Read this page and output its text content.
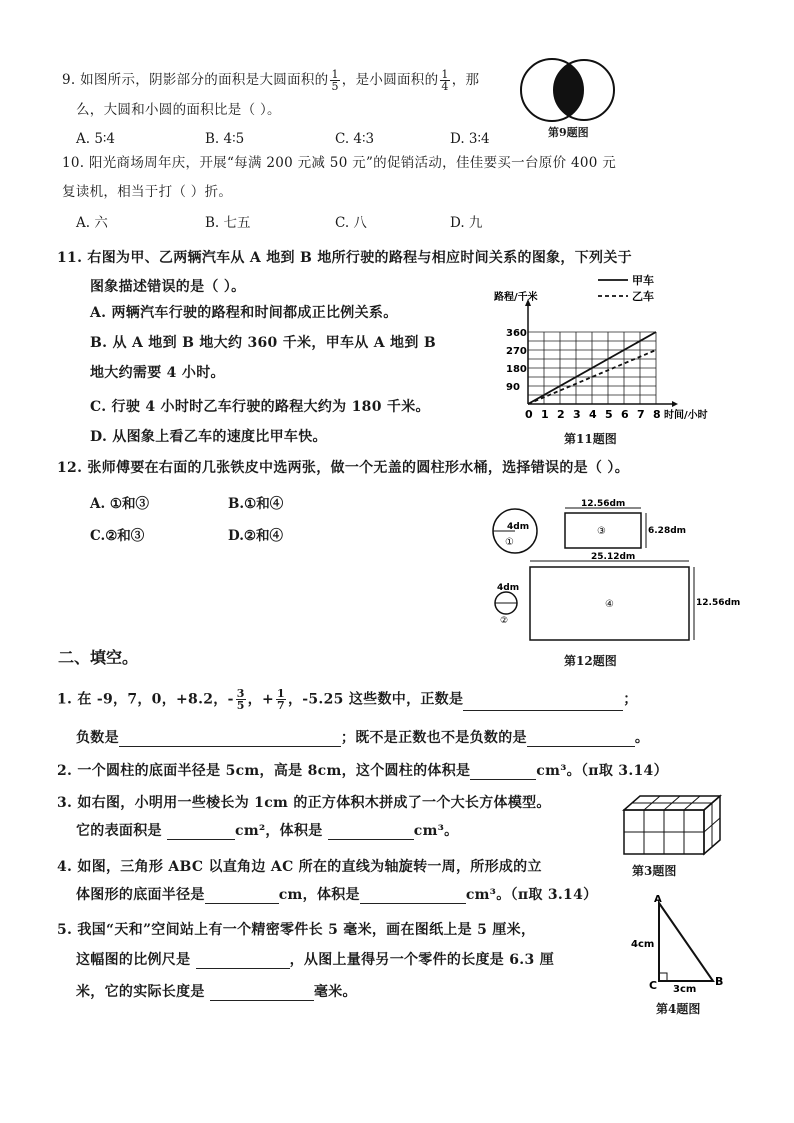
9. 如图所示，阴影部分的面积是大圆面积的 $\frac{1}{5}$ ，是小圆面积的 $\frac{1}{4}$ ，那
么，大圆和小圆的面积比是（ ）。
A. 5∶4	B. 4∶5	C. 4∶3	D. 3∶4	第9题图
10. 阳光商场周年庆，开展“每满 200 元减 50 元”的促销活动，佳佳要买一台原价 400 元
复读机，相当于打（ ）折。
A. 六	B. 七五	C. 八	D. 九
11. 右图为甲、乙两辆汽车从 A 地到 B 地所行驶的路程与相应时间关系的图象，下列关于
图象描述错误的是（ ）。
A. 两辆汽车行驶的路程和时间都成正比例关系。
B. 从 A 地到 B 地大约 360 千米，甲车从 A 地到 B
地大约需要 4 小时。
C. 行驶 4 小时时乙车行驶的路程大约为 180 千米。
D. 从图象上看乙车的速度比甲车快。
0 1 2 3 4 5 6 7 8
90
180
270
360
路程/千米
时间/小时
甲车
乙车
第11题图
12. 张师傅要在右面的几张铁皮中选两张，做一个无盖的圆柱形水桶，选择错误的是（ ）。
A. ①和③	B.①和④
C.②和③	D.②和④
4dm
①
12.56dm
6.28dm
③
4dm
②
25.12dm
12.56dm
④
第12题图
二、填空。
1. 在 -9，7，0，+8.2，- $\frac{3}{5}$ ，+ $\frac{1}{7}$ ，-5.25 这些数中，正数是	；
负数是	；既不是正数也不是负数的是	。
2. 一个圆柱的底面半径是 5cm，高是 8cm，这个圆柱的体积是	cm³。（π取 3.14）
3. 如右图，小明用一些棱长为 1cm 的正方体积木拼成了一个大长方体模型。
它的表面积是	cm²，体积是	cm³。
第3题图
4. 如图，三角形 ABC 以直角边 AC 所在的直线为轴旋转一周，所形成的立
体图形的底面半径是	cm，体积是	cm³。（π取 3.14）	A
B
C
4cm
3cm
第4题图
5. 我国“天和”空间站上有一个精密零件长 5 毫米，画在图纸上是 5 厘米，
这幅图的比例尺是	，从图上量得另一个零件的长度是 6.3 厘
米，它的实际长度是	毫米。
